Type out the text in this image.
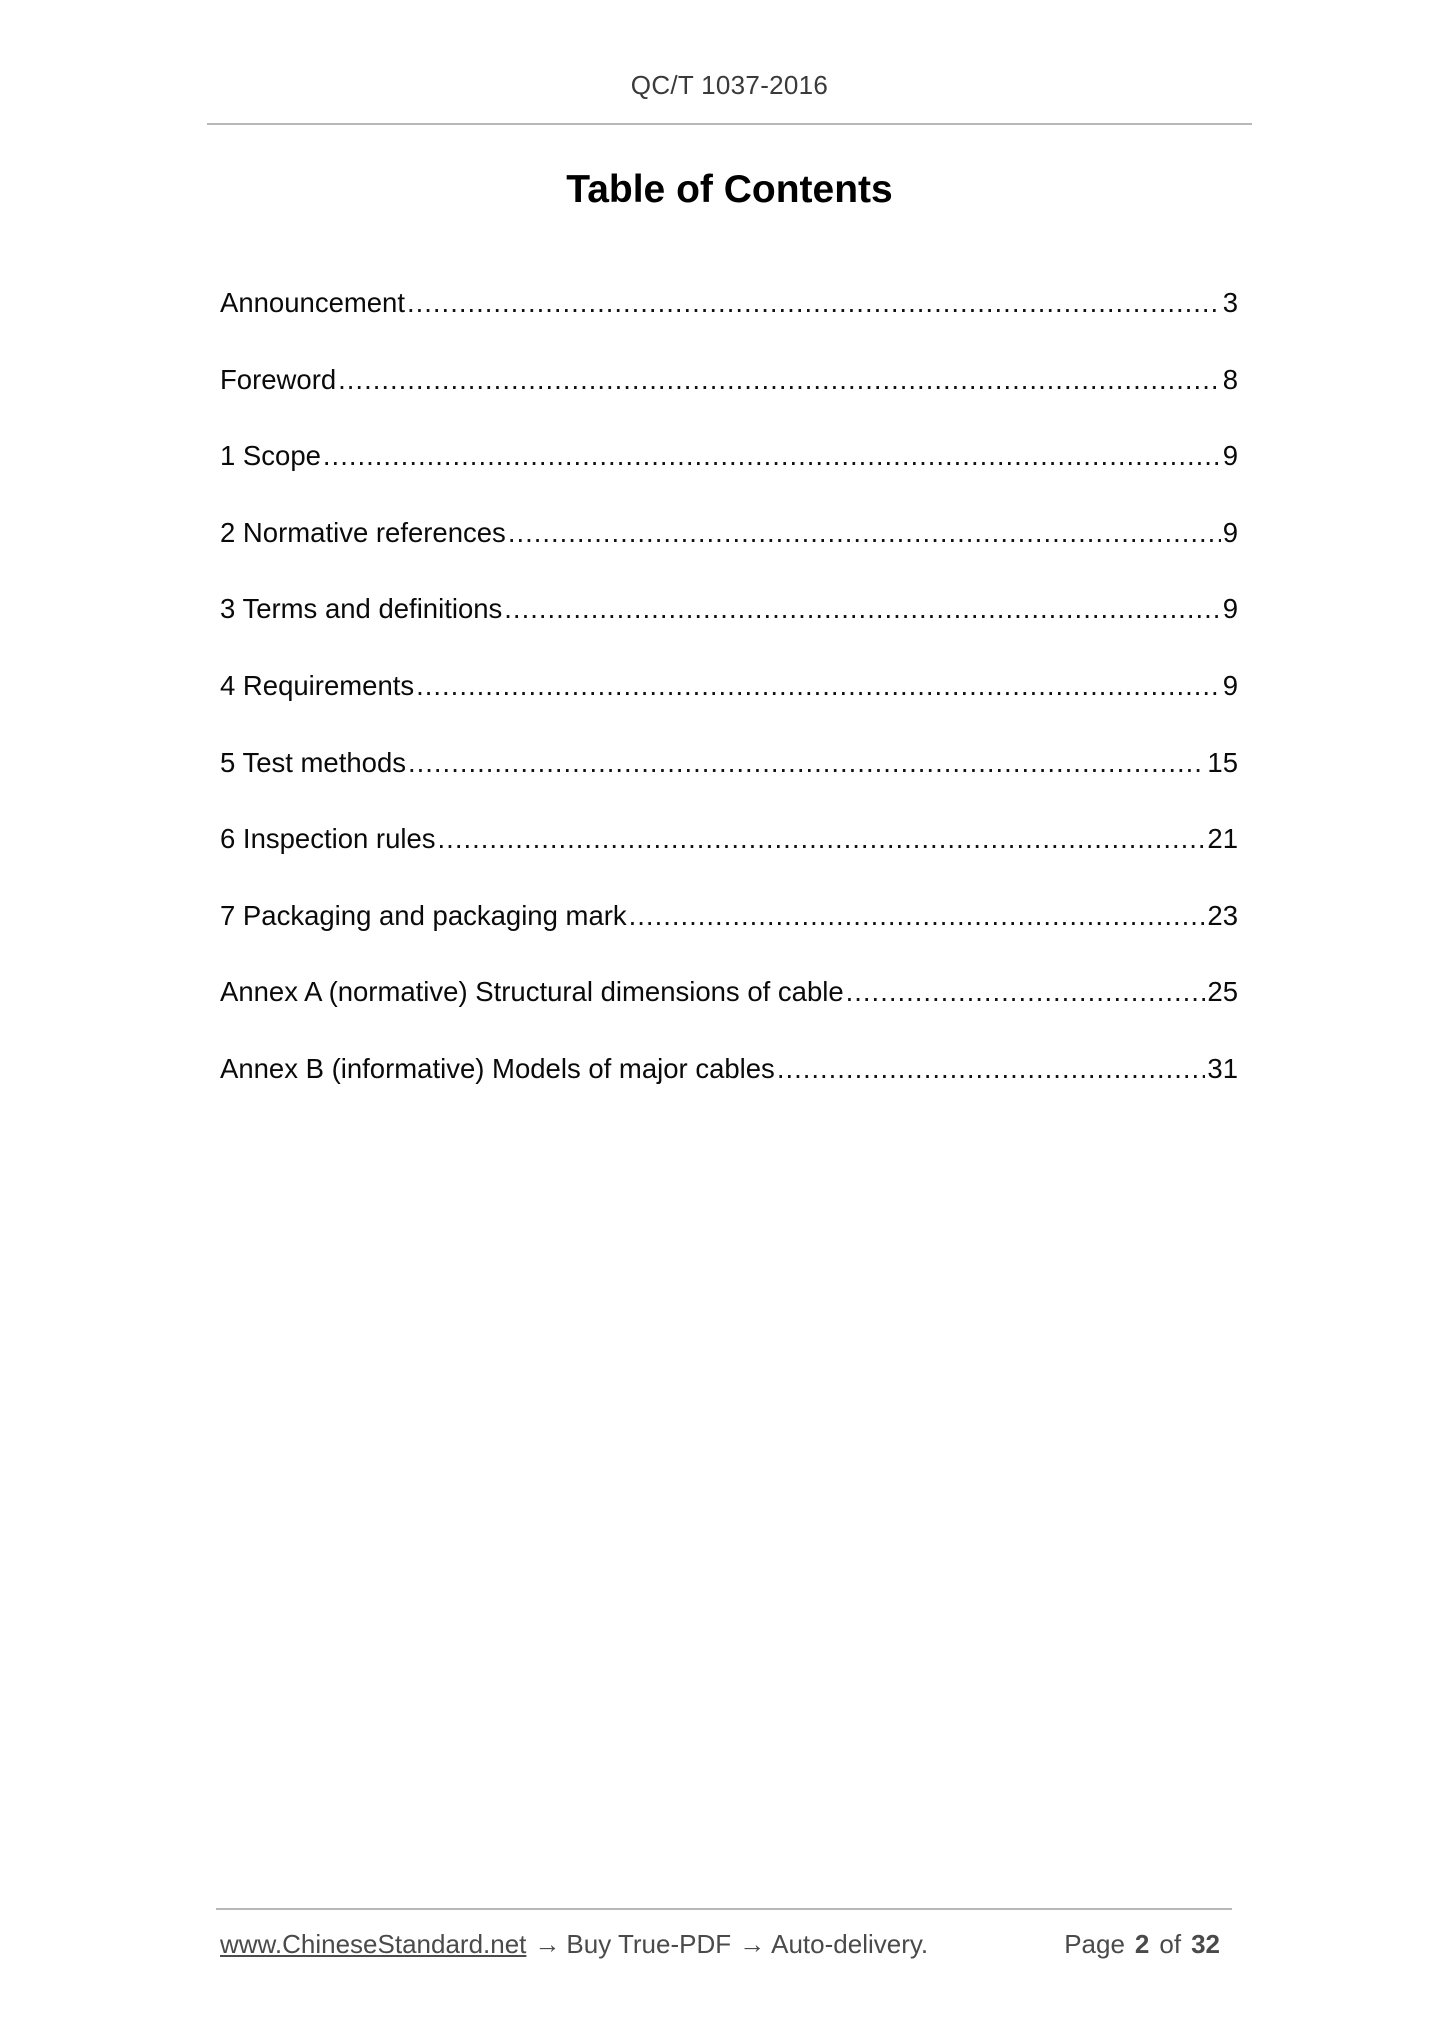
QC/T 1037-2016
Table of Contents
Announcement .....	3
Foreword .....	8
1 Scope .....	9
2 Normative references .....	9
3 Terms and definitions .....	9
4 Requirements .....	9
5 Test methods .....	15
6 Inspection rules .....	21
7 Packaging and packaging mark .....	23
Annex A (normative) Structural dimensions of cable .....	25
Annex B (informative) Models of major cables .....	31
www.ChineseStandard.net → Buy True-PDF → Auto-delivery.	Page 2 of 32
